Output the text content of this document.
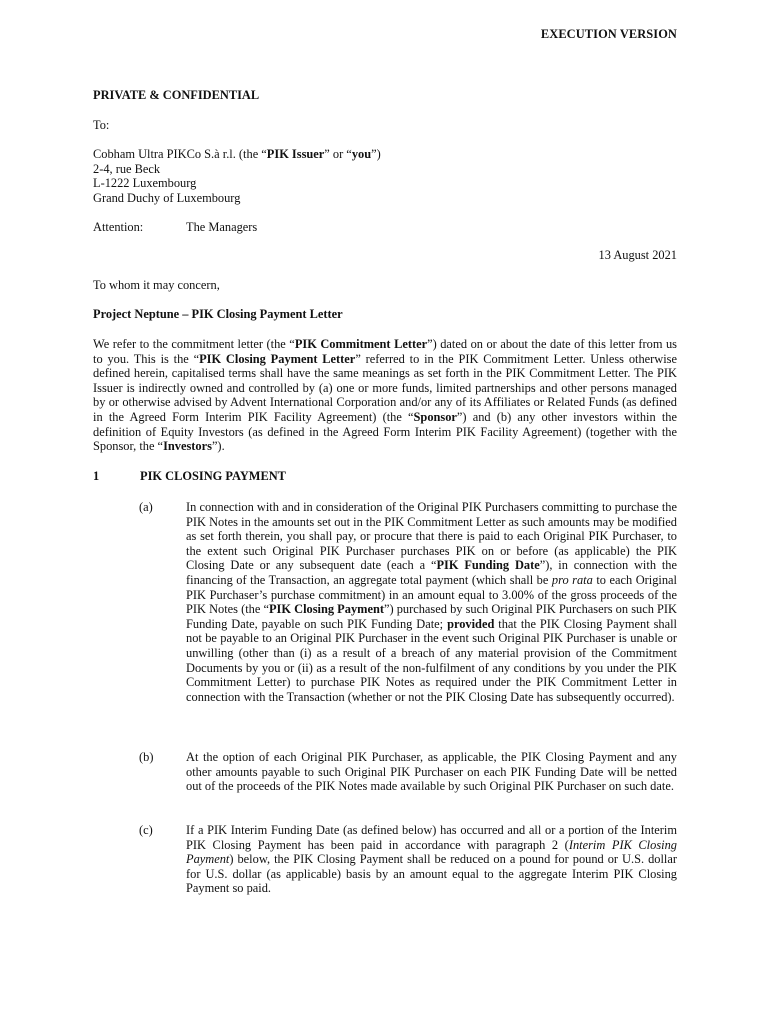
EXECUTION VERSION
PRIVATE & CONFIDENTIAL
To:
Cobham Ultra PIKCo S.à r.l. (the “PIK Issuer” or “you”)
2-4, rue Beck
L-1222 Luxembourg
Grand Duchy of Luxembourg
Attention:	The Managers
13 August 2021
To whom it may concern,
Project Neptune – PIK Closing Payment Letter
We refer to the commitment letter (the “PIK Commitment Letter”) dated on or about the date of this letter from us to you. This is the “PIK Closing Payment Letter” referred to in the PIK Commitment Letter. Unless otherwise defined herein, capitalised terms shall have the same meanings as set forth in the PIK Commitment Letter. The PIK Issuer is indirectly owned and controlled by (a) one or more funds, limited partnerships and other persons managed by or otherwise advised by Advent International Corporation and/or any of its Affiliates or Related Funds (as defined in the Agreed Form Interim PIK Facility Agreement) (the “Sponsor”) and (b) any other investors within the definition of Equity Investors (as defined in the Agreed Form Interim PIK Facility Agreement) (together with the Sponsor, the “Investors”).
1	PIK CLOSING PAYMENT
(a)	In connection with and in consideration of the Original PIK Purchasers committing to purchase the PIK Notes in the amounts set out in the PIK Commitment Letter as such amounts may be modified as set forth therein, you shall pay, or procure that there is paid to each Original PIK Purchaser, to the extent such Original PIK Purchaser purchases PIK on or before (as applicable) the PIK Closing Date or any subsequent date (each a “PIK Funding Date”), in connection with the financing of the Transaction, an aggregate total payment (which shall be pro rata to each Original PIK Purchaser’s purchase commitment) in an amount equal to 3.00% of the gross proceeds of the PIK Notes (the “PIK Closing Payment”) purchased by such Original PIK Purchasers on such PIK Funding Date, payable on such PIK Funding Date; provided that the PIK Closing Payment shall not be payable to an Original PIK Purchaser in the event such Original PIK Purchaser is unable or unwilling (other than (i) as a result of a breach of any material provision of the Commitment Documents by you or (ii) as a result of the non-fulfilment of any conditions by you under the PIK Commitment Letter) to purchase PIK Notes as required under the PIK Commitment Letter in connection with the Transaction (whether or not the PIK Closing Date has subsequently occurred).
(b)	At the option of each Original PIK Purchaser, as applicable, the PIK Closing Payment and any other amounts payable to such Original PIK Purchaser on each PIK Funding Date will be netted out of the proceeds of the PIK Notes made available by such Original PIK Purchaser on such date.
(c)	If a PIK Interim Funding Date (as defined below) has occurred and all or a portion of the Interim PIK Closing Payment has been paid in accordance with paragraph 2 (Interim PIK Closing Payment) below, the PIK Closing Payment shall be reduced on a pound for pound or U.S. dollar for U.S. dollar (as applicable) basis by an amount equal to the aggregate Interim PIK Closing Payment so paid.
